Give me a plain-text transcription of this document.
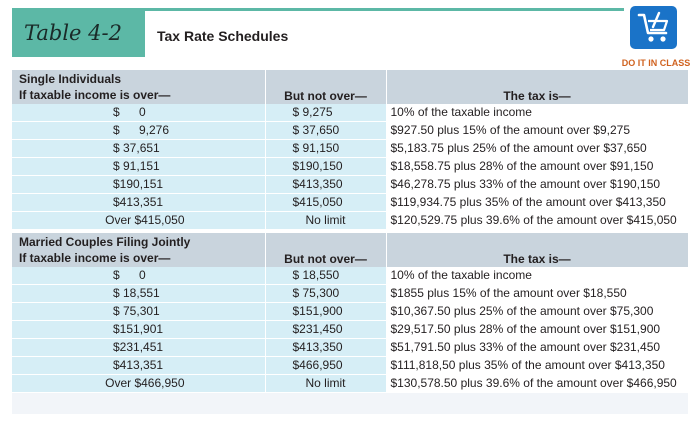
Table 4-2	Tax Rate Schedules
DO IT IN CLASS
Single Individuals
If taxable income is over—	But not over—	The tax is—
$ 0	$ 9,275	10% of the taxable income
$ 9,276	$ 37,650	$927.50 plus 15% of the amount over $9,275
$ 37,651	$ 91,150	$5,183.75 plus 25% of the amount over $37,650
$ 91,151	$190,150	$18,558.75 plus 28% of the amount over $91,150
$190,151	$413,350	$46,278.75 plus 33% of the amount over $190,150
$413,351	$415,050	$119,934.75 plus 35% of the amount over $413,350
Over $415,050	No limit	$120,529.75 plus 39.6% of the amount over $415,050

Married Couples Filing Jointly
If taxable income is over—	But not over—	The tax is—
$ 0	$ 18,550	10% of the taxable income
$ 18,551	$ 75,300	$1855 plus 15% of the amount over $18,550
$ 75,301	$151,900	$10,367.50 plus 25% of the amount over $75,300
$151,901	$231,450	$29,517.50 plus 28% of the amount over $151,900
$231,451	$413,350	$51,791.50 plus 33% of the amount over $231,450
$413,351	$466,950	$111,818,50 plus 35% of the amount over $413,350
Over $466,950	No limit	$130,578.50 plus 39.6% of the amount over $466,950
